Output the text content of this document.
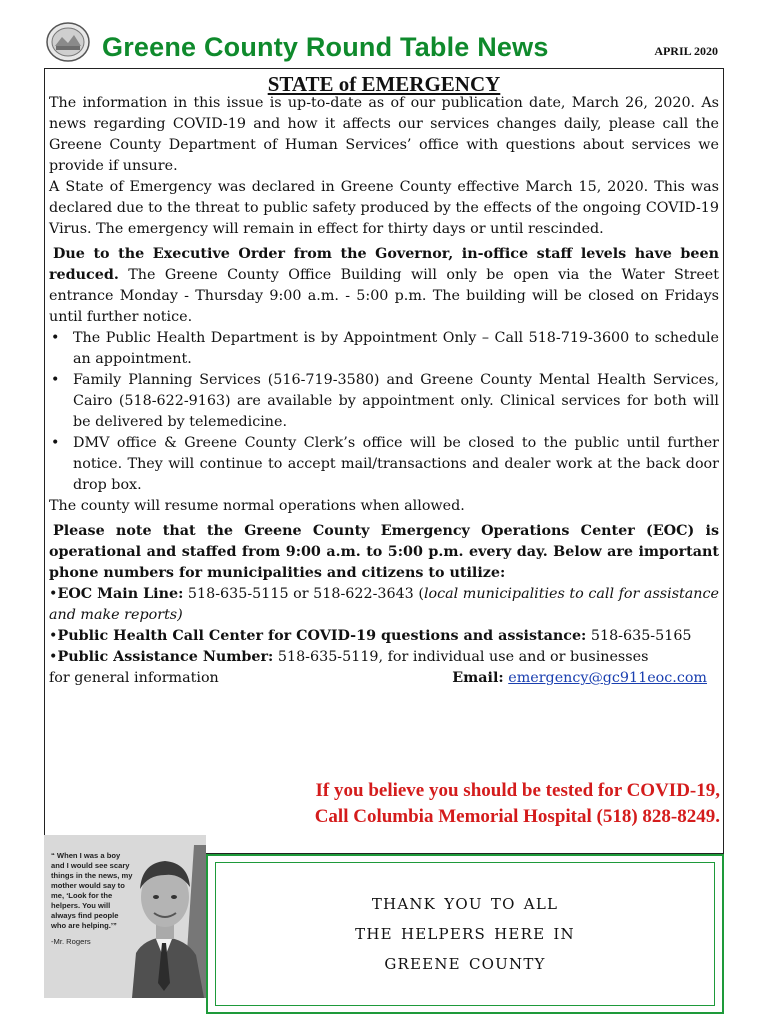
Greene County Round Table News	APRIL 2020

STATE of EMERGENCY

The information in this issue is up-to-date as of our publication date, March 26, 2020. As news regarding COVID-19 and how it affects our services changes daily, please call the Greene County Department of Human Services’ office with questions about services we provide if unsure.

A State of Emergency was declared in Greene County effective March 15, 2020. This was declared due to the threat to public safety produced by the effects of the ongoing COVID-19 Virus. The emergency will remain in effect for thirty days or until rescinded.

Due to the Executive Order from the Governor, in-office staff levels have been reduced. The Greene County Office Building will only be open via the Water Street entrance Monday - Thursday 9:00 a.m. - 5:00 p.m. The building will be closed on Fridays until further notice.

• The Public Health Department is by Appointment Only – Call 518-719-3600 to schedule an appointment.
• Family Planning Services (516-719-3580) and Greene County Mental Health Services, Cairo (518-622-9163) are available by appointment only. Clinical services for both will be delivered by telemedicine.
• DMV office & Greene County Clerk’s office will be closed to the public until further notice. They will continue to accept mail/transactions and dealer work at the back door drop box.

The county will resume normal operations when allowed.

Please note that the Greene County Emergency Operations Center (EOC) is operational and staffed from 9:00 a.m. to 5:00 p.m. every day. Below are important phone numbers for municipalities and citizens to utilize:

•EOC Main Line: 518-635-5115 or 518-622-3643 (local municipalities to call for assistance and make reports)

•Public Health Call Center for COVID-19 questions and assistance: 518-635-5165

•Public Assistance Number: 518-635-5119, for individual use and or businesses

for general information	Email: emergency@gc911eoc.com
If you believe you should be tested for COVID-19,
Call Columbia Memorial Hospital (518) 828-8249.
“ When I was a boy and I would see scary things in the news, my mother would say to me, ‘Look for the helpers. You will always find people who are helping.’”
-Mr. Rogers
thank you to all
the helpers here in
greene county
